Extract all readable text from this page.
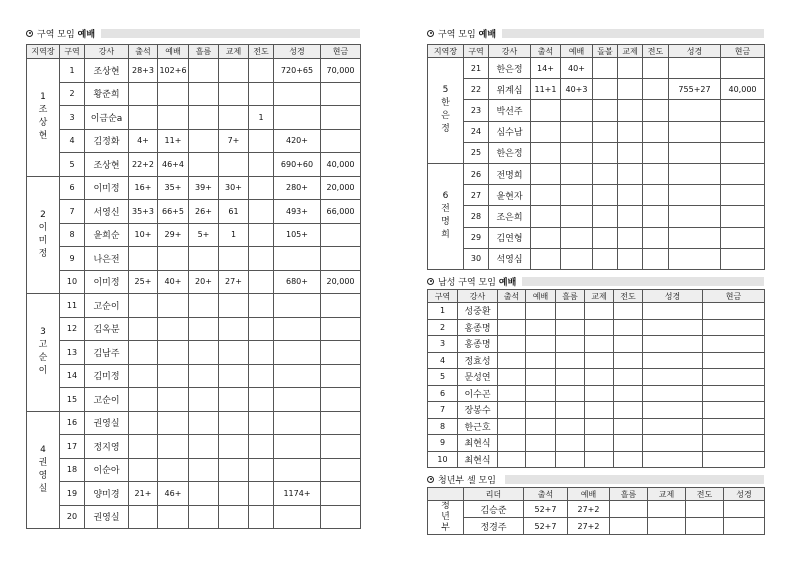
구역 모임 예배
지역장	구역	강사	출석	예배	흘름	교제	전도	성경	현금

1
조
상
현	1	조상현	28+3	102+6				720+65	70,000
	2	황준희							
	3	이금순a					1		
	4	김정화	4+	11+		7+		420+	
	5	조상현	22+2	46+4				690+60	40,000

2
이
미
정	6	이미정	16+	35+	39+	30+		280+	20,000
	7	서영신	35+3	66+5	26+	61		493+	66,000
	8	윤희순	10+	29+	5+	1		105+	
	9	나은전							
	10	이미정	25+	40+	20+	27+		680+	20,000

3
고
순
이	11	고순이							
	12	김옥분							
	13	김남주							
	14	김미정							
	15	고순이							

4
권
영
실	16	권영실							
	17	정지영							
	18	이순아							
	19	양미경	21+	46+				1174+	
	20	권영실							
구역 모임 예배
지역장	구역	강사	출석	예배	돌볼	교제	전도	성경	현금

5
한
은
정	21	한은정	14+	40+					
	22	위계심	11+1	40+3				755+27	40,000
	23	박선주							
	24	심수남							
	25	한은정							

6
전
명
희	26	전명희							
	27	윤현자							
	28	조은희							
	29	김연형							
	30	석영심							
남성 구역 모임 예배
구역	강사	출석	예배	흘름	교제	전도	성경	현금
1	성중환							
2	홍종명							
3	홍종명							
4	정효성							
5	문성연							
6	이수곤							
7	장봉수							
8	한근호							
9	최현식							
10	최현식							
청년부 셀 모임
	리더	출석	예배	흘름	교제	전도	성경

청
년
부	김승준	52+7	27+2				
	정경주	52+7	27+2				
